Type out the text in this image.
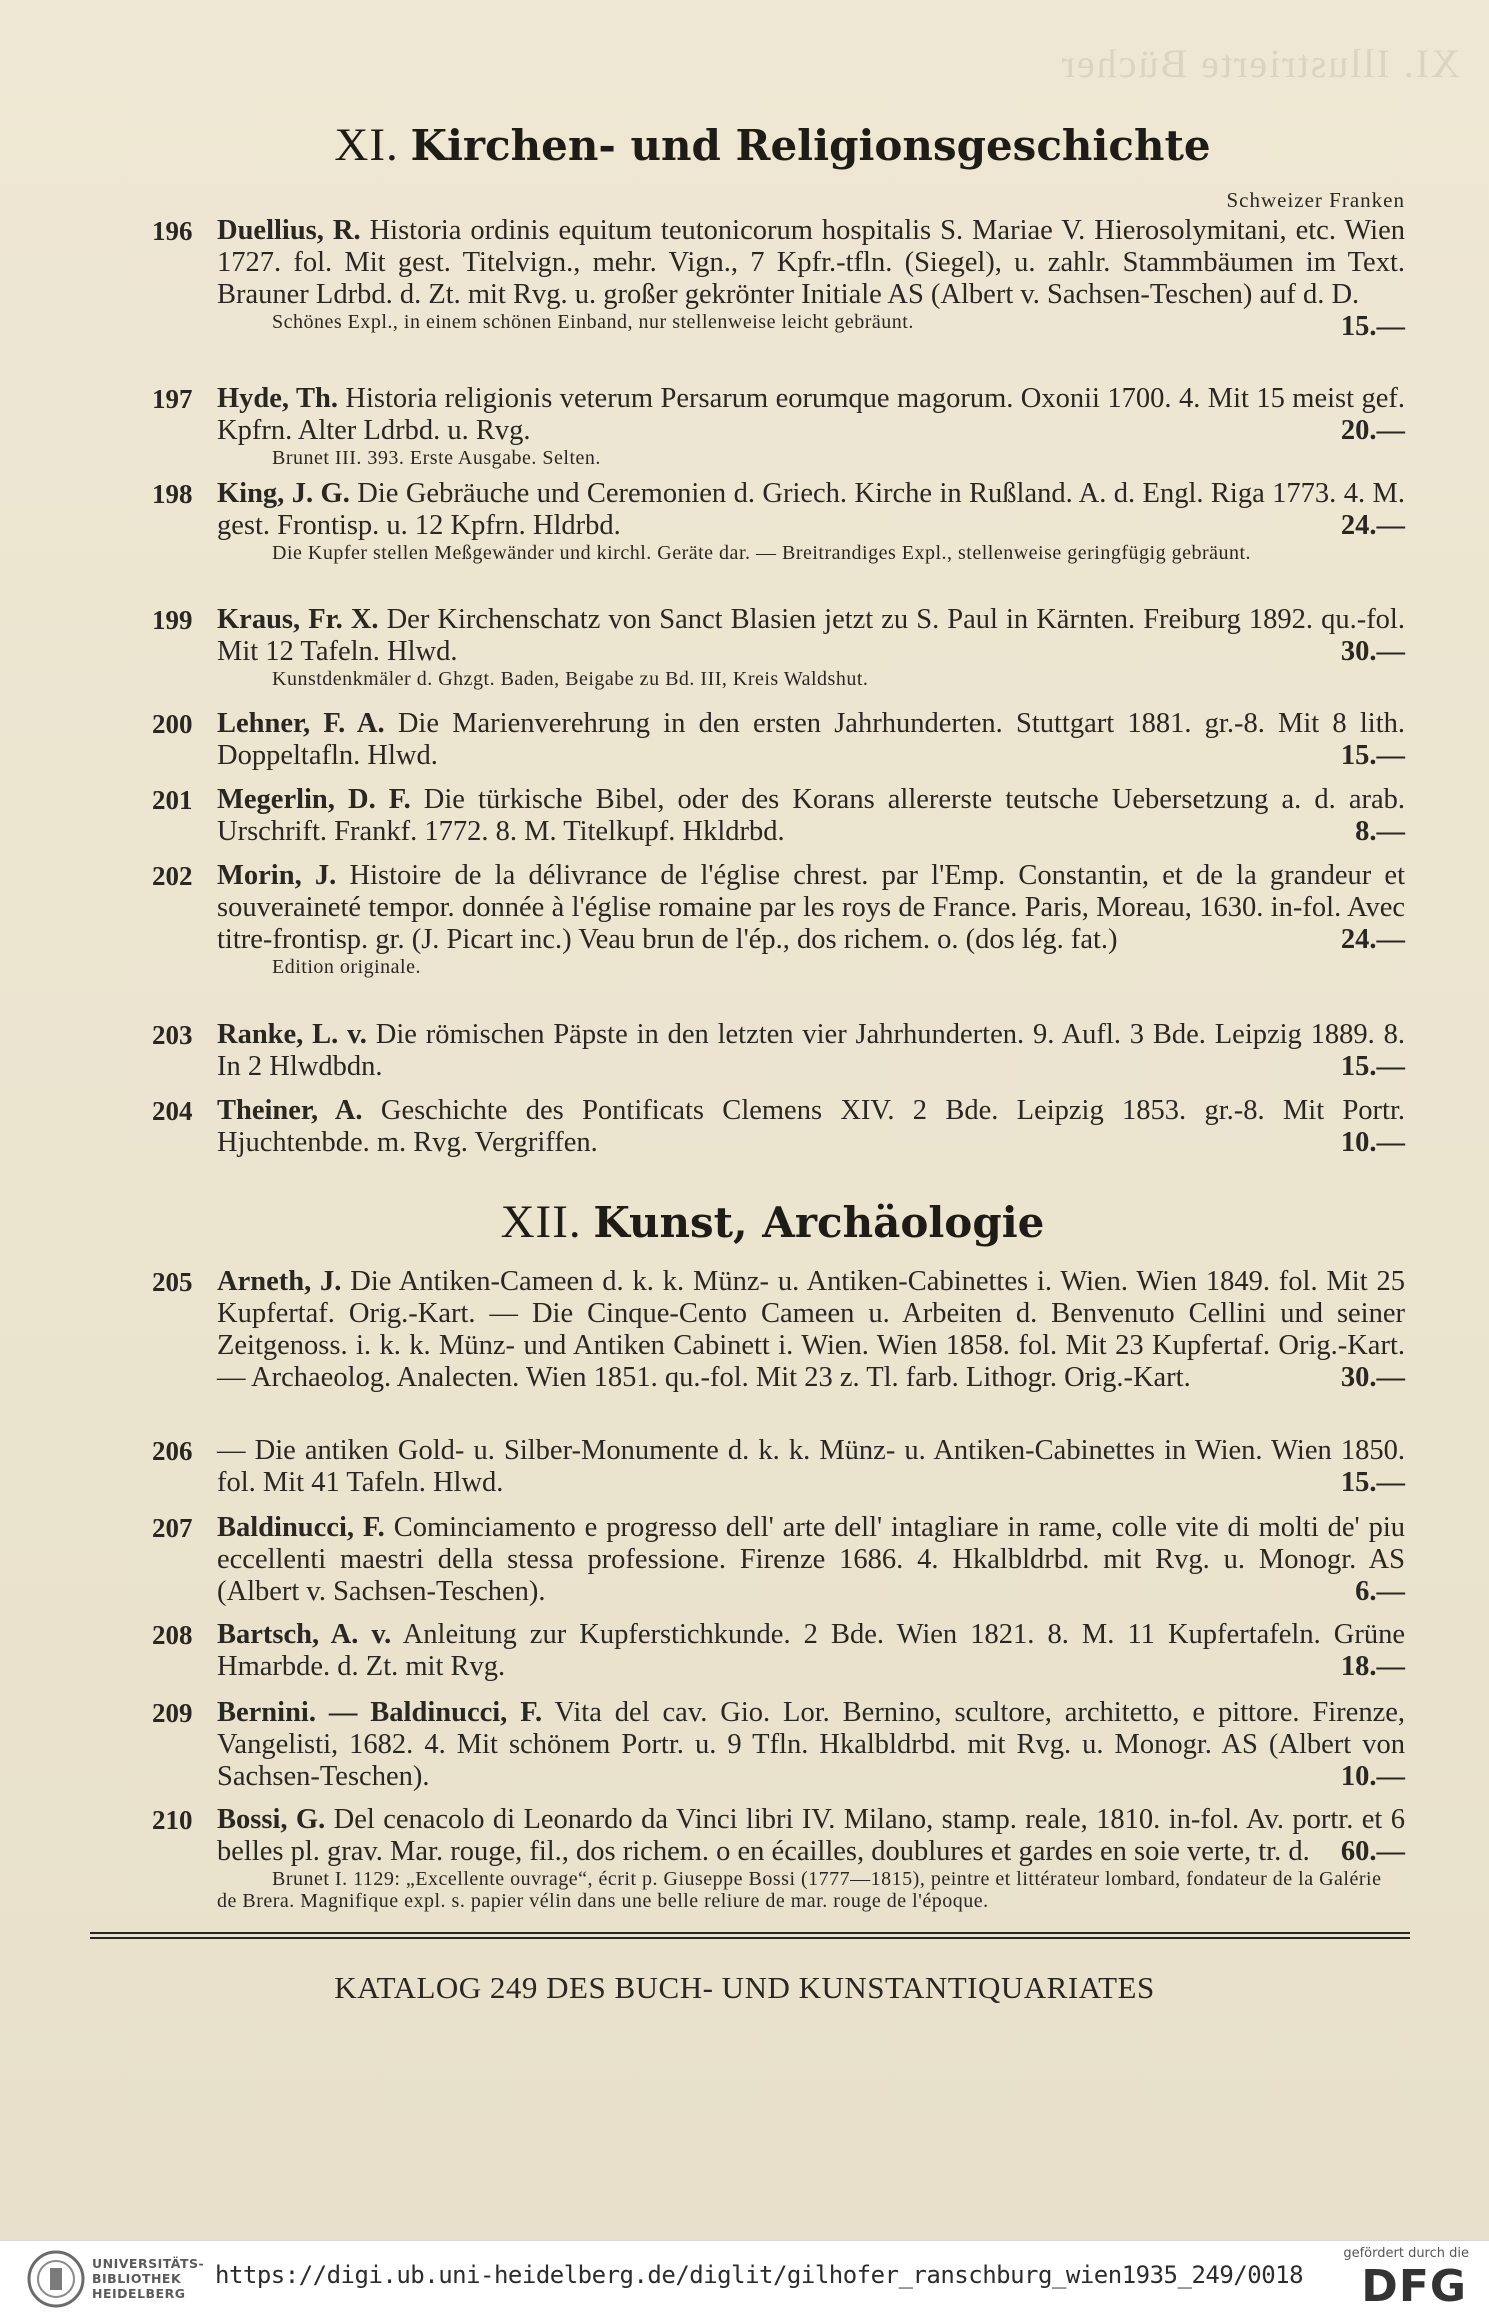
XI. Illustrierte Bücher
XI. Kirchen- und Religionsgeschichte
Schweizer Franken
196 Duellius, R. Historia ordinis equitum teutonicorum hospitalis S. Mariae V. Hierosolymitani, etc. Wien 1727. fol. Mit gest. Titelvign., mehr. Vign., 7 Kpfr.-tfln. (Siegel), u. zahlr. Stammbäumen im Text. Brauner Ldrbd. d. Zt. mit Rvg. u. großer gekrönter Initiale AS (Albert v. Sachsen-Teschen) auf d. D.
15.—
Schönes Expl., in einem schönen Einband, nur stellenweise leicht gebräunt.
197 Hyde, Th. Historia religionis veterum Persarum eorumque magorum. Oxonii 1700. 4. Mit 15 meist gef. Kpfrn. Alter Ldrbd. u. Rvg.	20.—
Brunet III. 393. Erste Ausgabe. Selten.
198 King, J. G. Die Gebräuche und Ceremonien d. Griech. Kirche in Rußland. A. d. Engl. Riga 1773. 4. M. gest. Frontisp. u. 12 Kpfrn. Hldrbd.	24.—
Die Kupfer stellen Meßgewänder und kirchl. Geräte dar. — Breitrandiges Expl., stellenweise geringfügig gebräunt.
199 Kraus, Fr. X. Der Kirchenschatz von Sanct Blasien jetzt zu S. Paul in Kärnten. Freiburg 1892. qu.-fol. Mit 12 Tafeln. Hlwd.	30.—
Kunstdenkmäler d. Ghzgt. Baden, Beigabe zu Bd. III, Kreis Waldshut.
200 Lehner, F. A. Die Marienverehrung in den ersten Jahrhunderten. Stuttgart 1881. gr.-8. Mit 8 lith. Doppeltafln. Hlwd.	15.—
201 Megerlin, D. F. Die türkische Bibel, oder des Korans allererste teutsche Uebersetzung a. d. arab. Urschrift. Frankf. 1772. 8. M. Titelkupf. Hkldrbd.	8.—
202 Morin, J. Histoire de la délivrance de l'église chrest. par l'Emp. Constantin, et de la grandeur et souveraineté tempor. donnée à l'église romaine par les roys de France. Paris, Moreau, 1630. in-fol. Avec titre-frontisp. gr. (J. Picart inc.) Veau brun de l'ép., dos richem. o. (dos lég. fat.)	24.—
Edition originale.
203 Ranke, L. v. Die römischen Päpste in den letzten vier Jahrhunderten. 9. Aufl. 3 Bde. Leipzig 1889. 8. In 2 Hlwdbdn.	15.—
204 Theiner, A. Geschichte des Pontificats Clemens XIV. 2 Bde. Leipzig 1853. gr.-8. Mit Portr. Hjuchtenbde. m. Rvg. Vergriffen.	10.—
XII. Kunst, Archäologie
205 Arneth, J. Die Antiken-Cameen d. k. k. Münz- u. Antiken-Cabinettes i. Wien. Wien 1849. fol. Mit 25 Kupfertaf. Orig.-Kart. — Die Cinque-Cento Cameen u. Arbeiten d. Benvenuto Cellini und seiner Zeitgenoss. i. k. k. Münz- und Antiken Cabinett i. Wien. Wien 1858. fol. Mit 23 Kupfertaf. Orig.-Kart. — Archaeolog. Analecten. Wien 1851. qu.-fol. Mit 23 z. Tl. farb. Lithogr. Orig.-Kart.	30.—
206 — Die antiken Gold- u. Silber-Monumente d. k. k. Münz- u. Antiken-Cabinettes in Wien. Wien 1850. fol. Mit 41 Tafeln. Hlwd.	15.—
207 Baldinucci, F. Cominciamento e progresso dell' arte dell' intagliare in rame, colle vite di molti de' piu eccellenti maestri della stessa professione. Firenze 1686. 4. Hkalbldrbd. mit Rvg. u. Monogr. AS (Albert v. Sachsen-Teschen).	6.—
208 Bartsch, A. v. Anleitung zur Kupferstichkunde. 2 Bde. Wien 1821. 8. M. 11 Kupfertafeln. Grüne Hmarbde. d. Zt. mit Rvg.	18.—
209 Bernini. — Baldinucci, F. Vita del cav. Gio. Lor. Bernino, scultore, architetto, e pittore. Firenze, Vangelisti, 1682. 4. Mit schönem Portr. u. 9 Tfln. Hkalbldrbd. mit Rvg. u. Monogr. AS (Albert von Sachsen-Teschen).	10.—
210 Bossi, G. Del cenacolo di Leonardo da Vinci libri IV. Milano, stamp. reale, 1810. in-fol. Av. portr. et 6 belles pl. grav. Mar. rouge, fil., dos richem. o en écailles, doublures et gardes en soie verte, tr. d. 60.—
Brunet I. 1129: „Excellente ouvrage“, écrit p. Giuseppe Bossi (1777—1815), peintre et littérateur lombard, fondateur de la Galérie de Brera. Magnifique expl. s. papier vélin dans une belle reliure de mar. rouge de l'époque.
KATALOG 249 DES BUCH- UND KUNSTANTIQUARIATES
UNIVERSITÄTS-
BIBLIOTHEK
HEIDELBERG
https://digi.ub.uni-heidelberg.de/diglit/gilhofer_ranschburg_wien1935_249/0018
gefördert durch die
DFG
